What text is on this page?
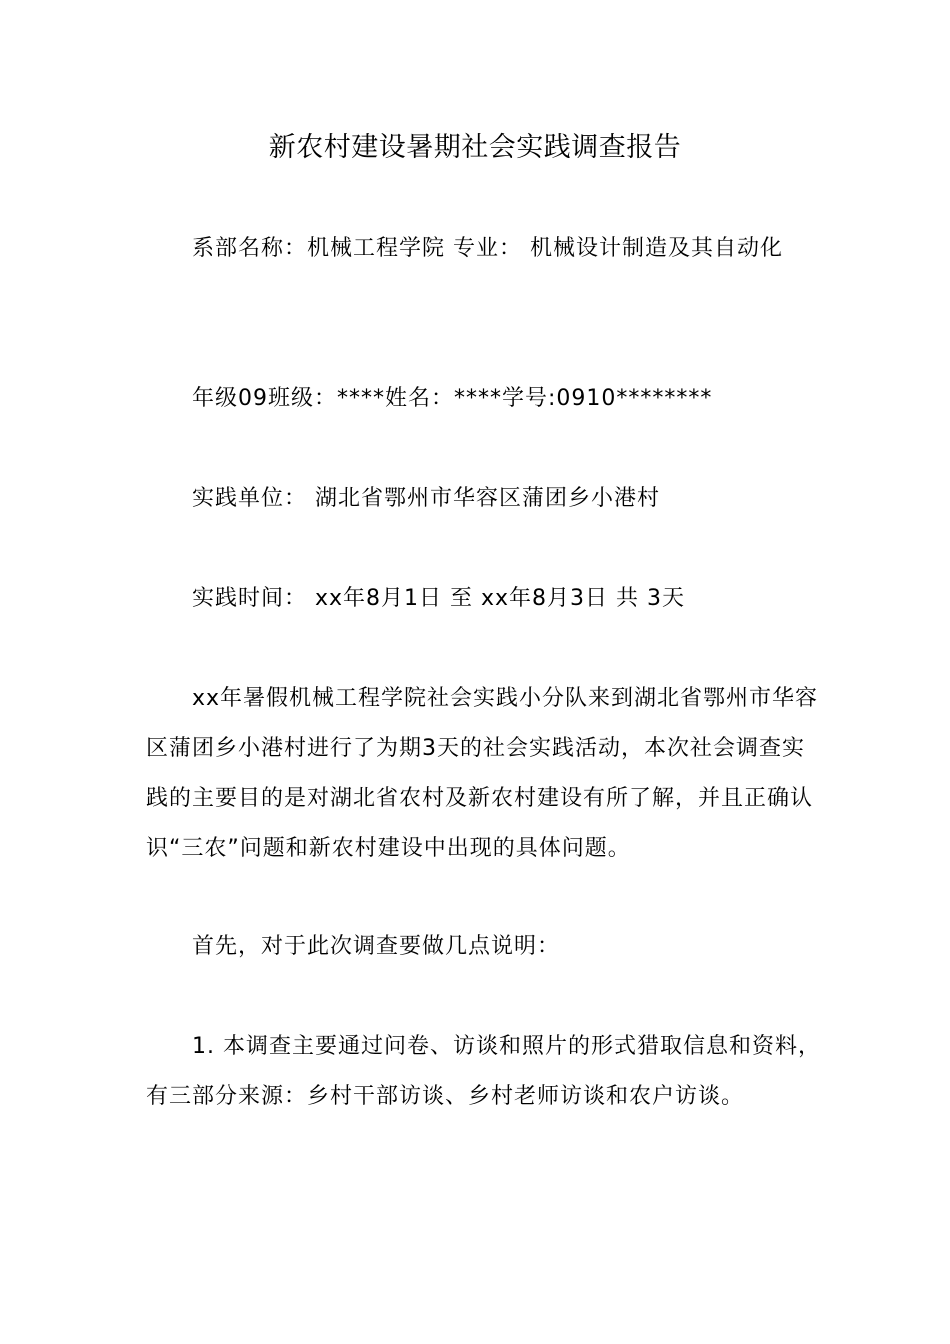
新农村建设暑期社会实践调查报告

系部名称：机械工程学院 专业： 机械设计制造及其自动化

年级09班级：****姓名：****学号:0910********

实践单位： 湖北省鄂州市华容区蒲团乡小港村

实践时间： xx年8月1日 至 xx年8月3日 共 3天

xx年暑假机械工程学院社会实践小分队来到湖北省鄂州市华容区蒲团乡小港村进行了为期3天的社会实践活动，本次社会调查实践的主要目的是对湖北省农村及新农村建设有所了解，并且正确认识“三农”问题和新农村建设中出现的具体问题。

首先，对于此次调查要做几点说明：

1. 本调查主要通过问卷、访谈和照片的形式猎取信息和资料，有三部分来源：乡村干部访谈、乡村老师访谈和农户访谈。
